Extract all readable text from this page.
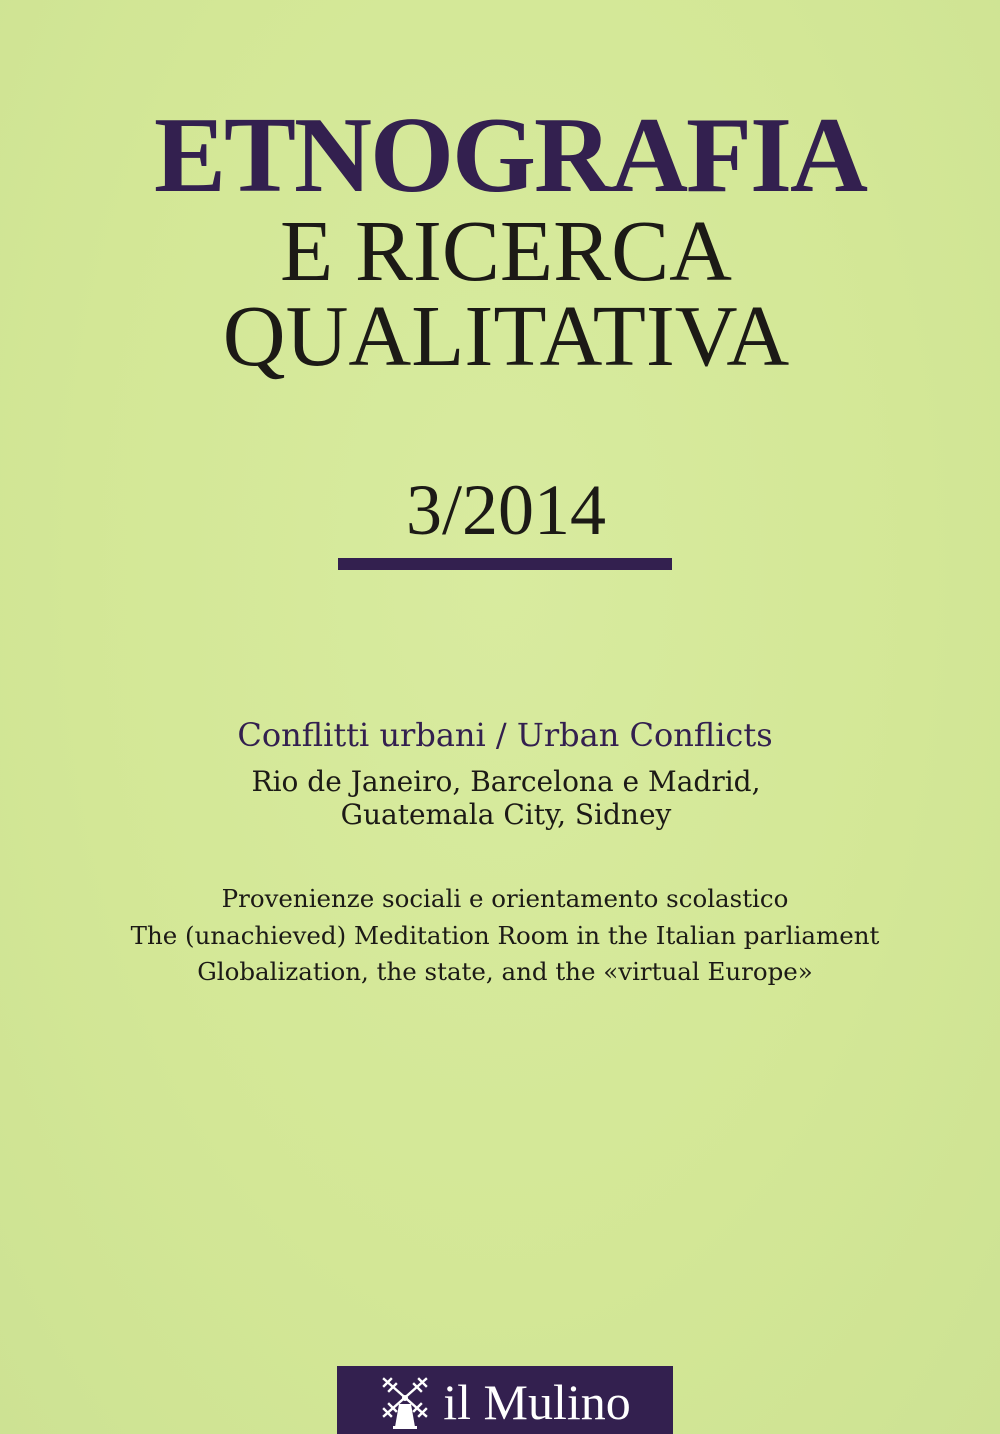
ETNOGRAFIA
E RICERCA
QUALITATIVA
3/2014
Conflitti urbani / Urban Conflicts
Rio de Janeiro, Barcelona e Madrid,
Guatemala City, Sidney
Provenienze sociali e orientamento scolastico
The (unachieved) Meditation Room in the Italian parliament
Globalization, the state, and the «virtual Europe»
il Mulino
